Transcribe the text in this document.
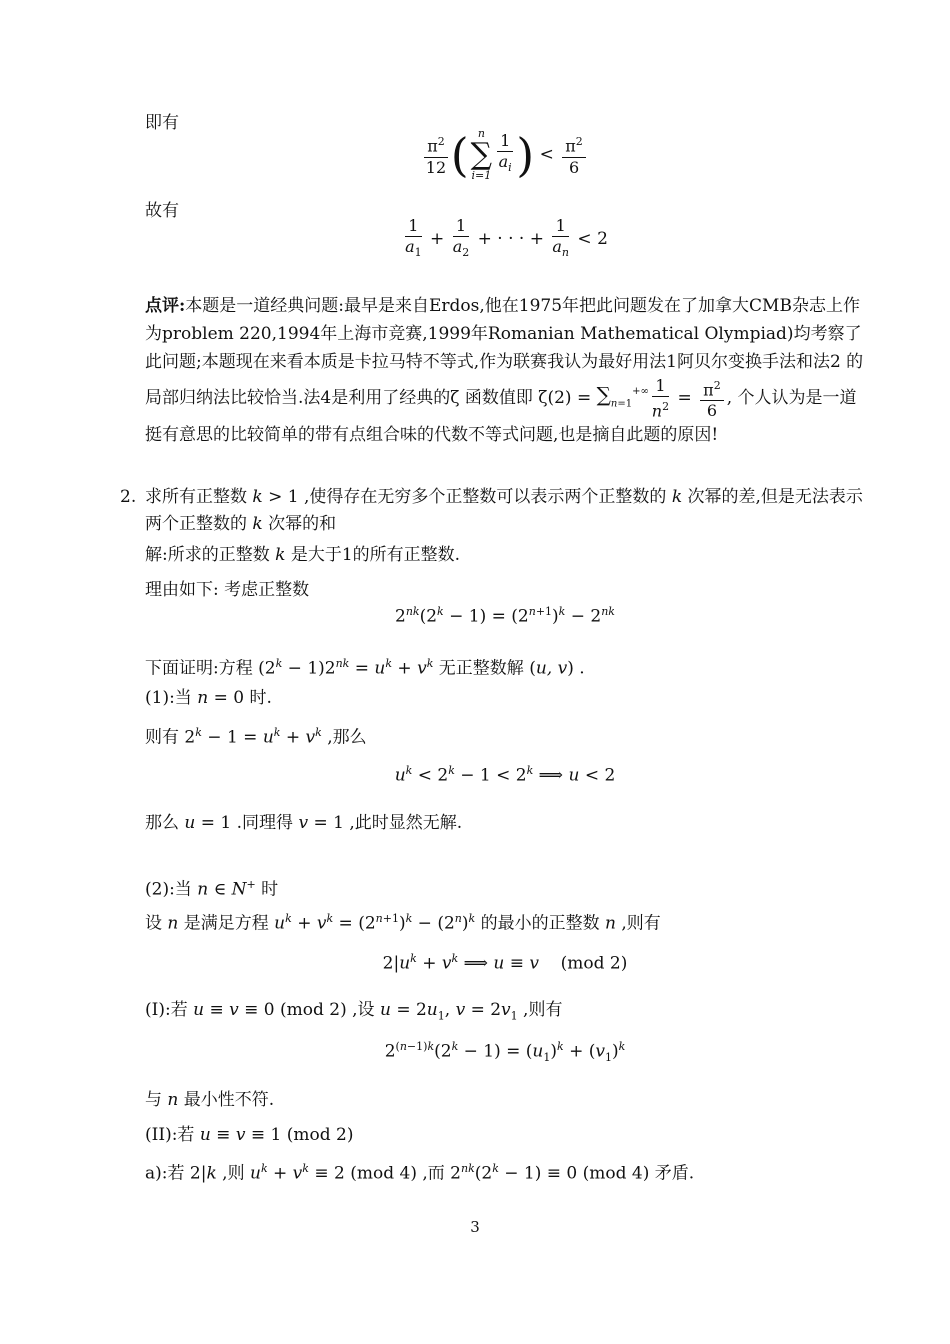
即有
$\frac{\pi^2}{12}$ ( n
∑
$i=1 \frac{1}{a_i}$ ) < $\frac{\pi^2}{6}$
故有
$\frac{1}{a_1} + \frac{1}{a_2}$ + · · · + $\frac{1}{a_n} < 2$
点评:本题是一道经典问题:最早是来自Erdos,他在1975年把此问题发在了加拿大CMB杂志上作为problem 220,1994年上海市竞赛,1999年Romanian Mathematical Olympiad)均考察了此问题;本题现在来看本质是卡拉马特不等式,作为联赛我认为最好用法1阿贝尔变换手法和法2 的局部归纳法比较恰当.法4是利用了经典的ζ 函数值即 $\zeta(2) = \sum_{n=1}^{+\infty} \frac{1}{n^2} = \frac{\pi^2}{6}$ , 个人认为是一道挺有意思的比较简单的带有点组合味的代数不等式问题,也是摘自此题的原因!
2. 求所有正整数 k > 1 ,使得存在无穷多个正整数可以表示两个正整数的 k 次幂的差,但是无法表示两个正整数的 k 次幂的和
解:所求的正整数 k 是大于1的所有正整数.
理由如下: 考虑正整数
$2^{nk}(2^k - 1) = (2^{n+1})^k - 2^{nk}$
下面证明:方程 $(2^k - 1)2^{nk} = u^k + v^k$ 无正整数解 (u, v) .
(1):当 n = 0 时.
则有 $2^k - 1 = u^k + v^k$ ,那么
$u^k < 2^k - 1 < 2^k$ ⟹ u < 2
那么 u = 1 .同理得 v = 1 ,此时显然无解.
(2):当 n ∈ N+ 时
设 n 是满足方程 $u^k + v^k = (2^{n+1})^k - (2^n)^k$ 的最小的正整数 n ,则有
$2|u^k + v^k$ ⟹ u ≡ v    (mod 2)
(I):若 u ≡ v ≡ 0 (mod 2) ,设 $u = 2u_1$, $v = 2v_1$ ,则有
$2^{(n-1)k}(2^k - 1) = (u_1)^k + (v_1)^k$
与 n 最小性不符.
(II):若 u ≡ v ≡ 1 (mod 2)
a):若 2|k ,则 $u^k + v^k \equiv 2$ (mod 4) ,而 $2^{nk}(2^k - 1) \equiv 0$ (mod 4) 矛盾.
3
